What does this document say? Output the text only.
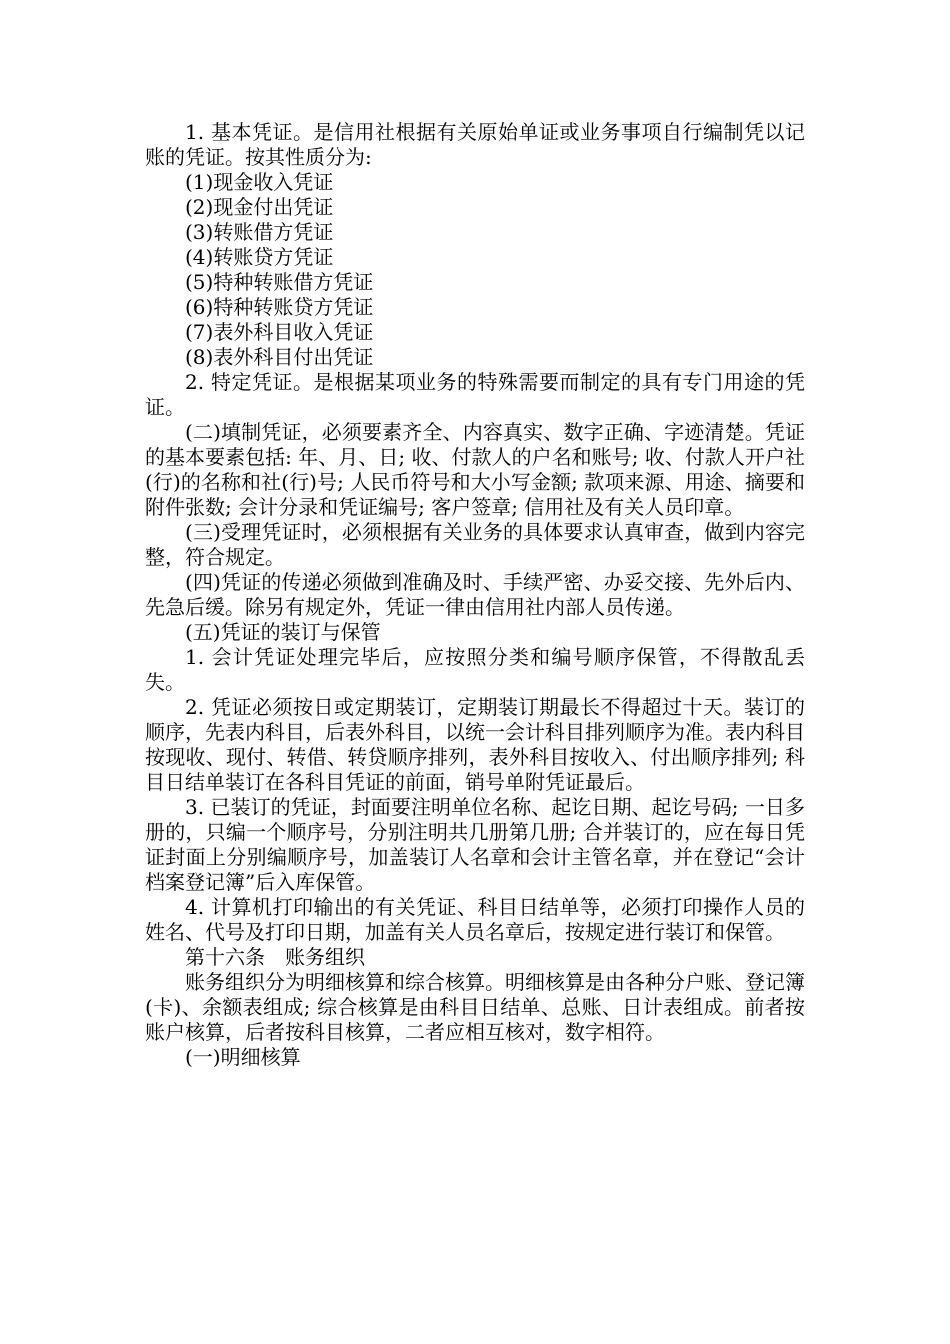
1. 基本凭证。是信用社根据有关原始单证或业务事项自行编制凭以记账的凭证。按其性质分为:

(1)现金收入凭证

(2)现金付出凭证

(3)转账借方凭证

(4)转账贷方凭证

(5)特种转账借方凭证

(6)特种转账贷方凭证

(7)表外科目收入凭证

(8)表外科目付出凭证

2. 特定凭证。是根据某项业务的特殊需要而制定的具有专门用途的凭证。

(二)填制凭证，必须要素齐全、内容真实、数字正确、字迹清楚。凭证的基本要素包括: 年、月、日; 收、付款人的户名和账号; 收、付款人开户社(行)的名称和社(行)号; 人民币符号和大小写金额; 款项来源、用途、摘要和附件张数; 会计分录和凭证编号; 客户签章; 信用社及有关人员印章。

(三)受理凭证时，必须根据有关业务的具体要求认真审查，做到内容完整，符合规定。

(四)凭证的传递必须做到准确及时、手续严密、办妥交接、先外后内、先急后缓。除另有规定外，凭证一律由信用社内部人员传递。

(五)凭证的装订与保管

1. 会计凭证处理完毕后，应按照分类和编号顺序保管，不得散乱丢失。

2. 凭证必须按日或定期装订，定期装订期最长不得超过十天。装订的顺序，先表内科目，后表外科目，以统一会计科目排列顺序为准。表内科目按现收、现付、转借、转贷顺序排列，表外科目按收入、付出顺序排列; 科目日结单装订在各科目凭证的前面，销号单附凭证最后。

3. 已装订的凭证，封面要注明单位名称、起讫日期、起讫号码; 一日多册的，只编一个顺序号，分别注明共几册第几册; 合并装订的，应在每日凭证封面上分别编顺序号，加盖装订人名章和会计主管名章，并在登记“会计档案登记簿”后入库保管。

4. 计算机打印输出的有关凭证、科目日结单等，必须打印操作人员的姓名、代号及打印日期，加盖有关人员名章后，按规定进行装订和保管。

第十六条　账务组织

账务组织分为明细核算和综合核算。明细核算是由各种分户账、登记簿(卡)、余额表组成; 综合核算是由科目日结单、总账、日计表组成。前者按账户核算，后者按科目核算，二者应相互核对，数字相符。

(一)明细核算
